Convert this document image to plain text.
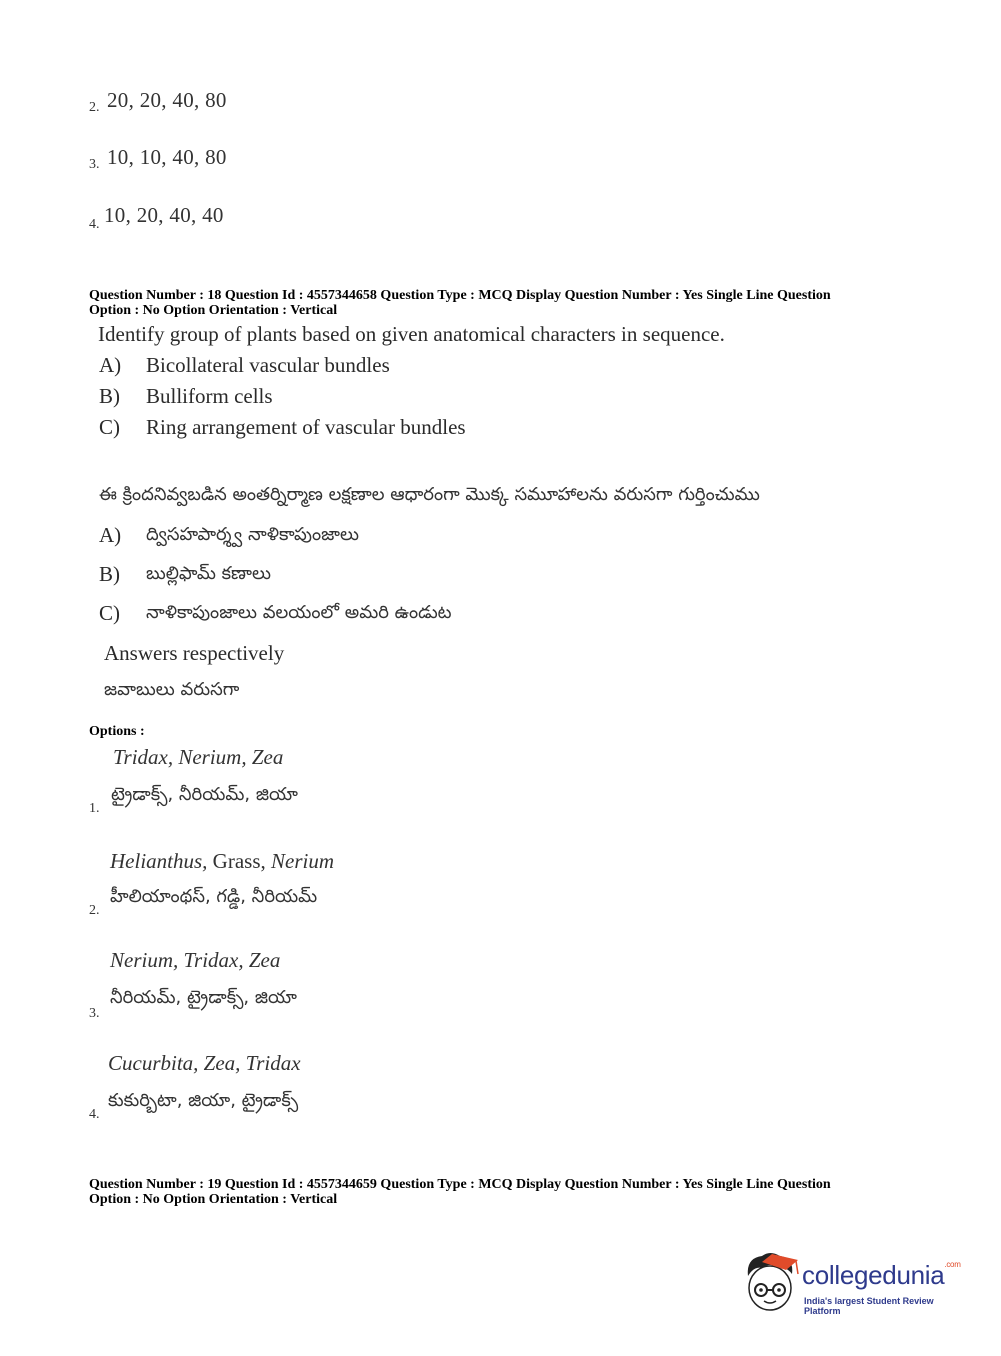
2. 20, 20, 40, 80
3. 10, 10, 40, 80
4. 10, 20, 40, 40
Question Number : 18 Question Id : 4557344658 Question Type : MCQ Display Question Number : Yes Single Line Question
Option : No Option Orientation : Vertical
Identify group of plants based on given anatomical characters in sequence.
A) Bicollateral vascular bundles
B) Bulliform cells
C) Ring arrangement of vascular bundles
ఈ క్రిందనివ్వబడిన అంతర్నిర్మాణ లక్షణాల ఆధారంగా మొక్క సమూహాలను వరుసగా గుర్తించుము
A) ద్విసహపార్శ్వ నాళికాపుంజాలు
B) బుల్లిఫామ్ కణాలు
C) నాళికాపుంజాలు వలయంలో అమరి ఉండుట
Answers respectively
జవాబులు వరుసగా
Options :
Tridax, Nerium, Zea
ట్రైడాక్స్, నీరియమ్, జియా
1.
Helianthus, Grass, Nerium
హీలియాంథస్, గడ్డి, నీరియమ్
2.
Nerium, Tridax, Zea
నీరియమ్, ట్రైడాక్స్, జియా
3.
Cucurbita, Zea, Tridax
కుకుర్బిటా, జియా, ట్రైడాక్స్
4.
Question Number : 19 Question Id : 4557344659 Question Type : MCQ Display Question Number : Yes Single Line Question
Option : No Option Orientation : Vertical
collegedunia$^{.com}$
India's largest Student Review Platform
